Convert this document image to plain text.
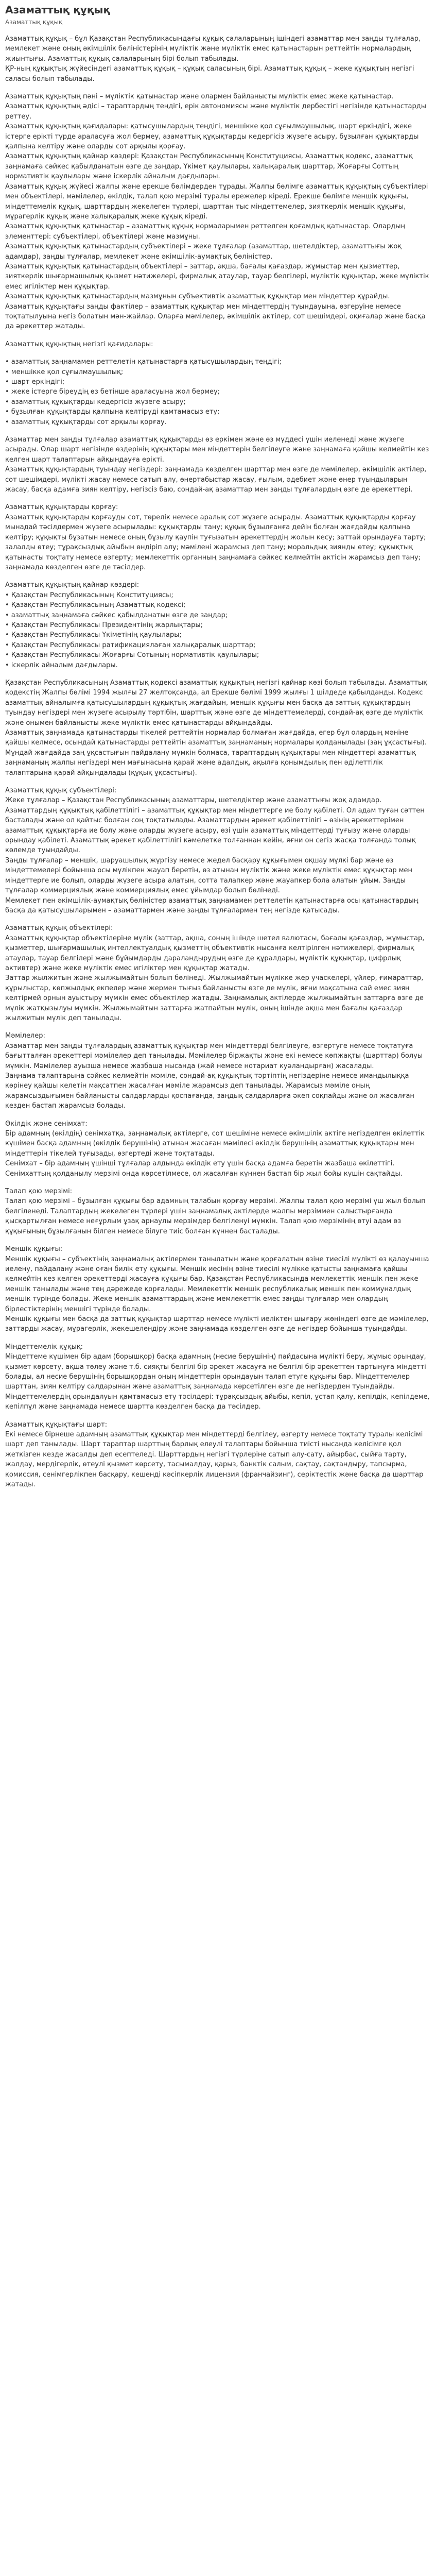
Азаматтық құқық
Азаматтық құқық

Азаматтық құқық – бұл Қазақстан Республикасындағы құқық салаларының ішіндегі азаматтар мен заңды тұлғалар, мемлекет және оның әкімшілік бөліністерінің мүліктік және мүліктік емес қатынастарын реттейтін нормалардың жиынтығы. Азаматтық құқық салаларының бірі болып табылады.
ҚР-ның құқықтық жүйесіндегі азаматтық құқық – құқық саласының бірі. Азаматтық құқық – жеке құқықтың негізгі саласы болып табылады.

Азаматтық құқықтың пәні – мүліктік қатынастар және олармен байланысты мүліктік емес жеке қатынастар.
Азаматтық құқықтың әдісі – тараптардың теңдігі, ерік автономиясы және мүліктік дербестігі негізінде қатынастарды реттеу.
Азаматтық құқықтың қағидалары: қатысушылардың теңдігі, меншікке қол сұғылмаушылық, шарт еркіндігі, жеке істерге ерікті түрде араласуға жол бермеу, азаматтық құқықтарды кедергісіз жүзеге асыру, бұзылған құқықтарды қалпына келтіру және оларды сот арқылы қорғау.
Азаматтық құқықтың қайнар көздері: Қазақстан Республикасының Конституциясы, Азаматтық кодекс, азаматтық заңнамаға сәйкес қабылданатын өзге де заңдар, Үкімет қаулылары, халықаралық шарттар, Жоғарғы Соттың нормативтік қаулылары және іскерлік айналым дағдылары.
Азаматтық құқық жүйесі жалпы және ерекше бөлімдерден тұрады. Жалпы бөлімге азаматтық құқықтың субъектілері мен объектілері, мәмілелер, өкілдік, талап қою мерзімі туралы ережелер кіреді. Ерекше бөлімге меншік құқығы, міндеттемелік құқық, шарттардың жекелеген түрлері, шарттан тыс міндеттемелер, зияткерлік меншік құқығы, мұрагерлік құқық және халықаралық жеке құқық кіреді.
Азаматтық құқықтық қатынастар – азаматтық құқық нормаларымен реттелген қоғамдық қатынастар. Олардың элементтері: субъектілері, объектілері және мазмұны.
Азаматтық құқықтық қатынастардың субъектілері – жеке тұлғалар (азаматтар, шетелдіктер, азаматтығы жоқ адамдар), заңды тұлғалар, мемлекет және әкімшілік-аумақтық бөліністер.
Азаматтық құқықтық қатынастардың объектілері – заттар, ақша, бағалы қағаздар, жұмыстар мен қызметтер, зияткерлік шығармашылық қызмет нәтижелері, фирмалық атаулар, тауар белгілері, мүліктік құқықтар, жеке мүліктік емес игіліктер мен құқықтар.
Азаматтық құқықтық қатынастардың мазмұнын субъективтік азаматтық құқықтар мен міндеттер құрайды.
Азаматтық құқықтағы заңды фактілер – азаматтық құқықтар мен міндеттердің туындауына, өзгеруіне немесе тоқтатылуына негіз болатын мән-жайлар. Оларға мәмілелер, әкімшілік актілер, сот шешімдері, оқиғалар және басқа да әрекеттер жатады.

Азаматтық құқықтың негізгі қағидалары:

• азаматтық заңнамамен реттелетін қатынастарға қатысушылардың теңдігі;
• меншікке қол сұғылмаушылық;
• шарт еркіндігі;
• жеке істерге біреудің өз бетінше араласуына жол бермеу;
• азаматтық құқықтарды кедергісіз жүзеге асыру;
• бұзылған құқықтарды қалпына келтіруді қамтамасыз ету;
• азаматтық құқықтарды сот арқылы қорғау.

Азаматтар мен заңды тұлғалар азаматтық құқықтарды өз еркімен және өз мүддесі үшін иеленеді және жүзеге асырады. Олар шарт негізінде өздерінің құқықтары мен міндеттерін белгілеуге және заңнамаға қайшы келмейтін кез келген шарт талаптарын айқындауға ерікті.
Азаматтық құқықтардың туындау негіздері: заңнамада көзделген шарттар мен өзге де мәмілелер, әкімшілік актілер, сот шешімдері, мүлікті жасау немесе сатып алу, өнертабыстар жасау, ғылым, әдебиет және өнер туындыларын жасау, басқа адамға зиян келтіру, негізсіз баю, сондай-ақ азаматтар мен заңды тұлғалардың өзге де әрекеттері.

Азаматтық құқықтарды қорғау:
Азаматтық құқықтарды қорғауды сот, төрелік немесе аралық сот жүзеге асырады. Азаматтық құқықтарды қорғау мынадай тәсілдермен жүзеге асырылады: құқықтарды тану; құқық бұзылғанға дейін болған жағдайды қалпына келтіру; құқықты бұзатын немесе оның бұзылу қаупін туғызатын әрекеттердің жолын кесу; заттай орындауға тарту; залалды өтеу; тұрақсыздық айыбын өндіріп алу; мәмілені жарамсыз деп тану; моральдық зиянды өтеу; құқықтық қатынасты тоқтату немесе өзгерту; мемлекеттік органның заңнамаға сәйкес келмейтін актісін жарамсыз деп тану; заңнамада көзделген өзге де тәсілдер.

Азаматтық құқықтың қайнар көздері:
• Қазақстан Республикасының Конституциясы;
• Қазақстан Республикасының Азаматтық кодексі;
• азаматтық заңнамаға сәйкес қабылданатын өзге де заңдар;
• Қазақстан Республикасы Президентінің жарлықтары;
• Қазақстан Республикасы Үкіметінің қаулылары;
• Қазақстан Республикасы ратификациялаған халықаралық шарттар;
• Қазақстан Республикасы Жоғарғы Сотының нормативтік қаулылары;
• іскерлік айналым дағдылары.

Қазақстан Республикасының Азаматтық кодексі азаматтық құқықтың негізгі қайнар көзі болып табылады. Азаматтық кодекстің Жалпы бөлімі 1994 жылғы 27 желтоқсанда, ал Ерекше бөлімі 1999 жылғы 1 шілдеде қабылданды. Кодекс азаматтық айналымға қатысушылардың құқықтық жағдайын, меншік құқығы мен басқа да заттық құқықтардың туындау негіздері мен жүзеге асырылу тәртібін, шарттық және өзге де міндеттемелерді, сондай-ақ өзге де мүліктік және онымен байланысты жеке мүліктік емес қатынастарды айқындайды.
Азаматтық заңнамада қатынастарды тікелей реттейтін нормалар болмаған жағдайда, егер бұл олардың мәніне қайшы келмесе, осындай қатынастарды реттейтін азаматтық заңнаманың нормалары қолданылады (заң ұқсастығы). Мұндай жағдайда заң ұқсастығын пайдалану мүмкін болмаса, тараптардың құқықтары мен міндеттері азаматтық заңнаманың жалпы негіздері мен мағынасына қарай және адалдық, ақылға қонымдылық пен әділеттілік талаптарына қарай айқындалады (құқық ұқсастығы).

Азаматтық құқық субъектілері:
Жеке тұлғалар – Қазақстан Республикасының азаматтары, шетелдіктер және азаматтығы жоқ адамдар. Азаматтардың құқықтық қабілеттілігі – азаматтық құқықтар мен міндеттерге ие болу қабілеті. Ол адам туған сәттен басталады және ол қайтыс болған соң тоқтатылады. Азаматтардың әрекет қабілеттілігі – өзінің әрекеттерімен азаматтық құқықтарға ие болу және оларды жүзеге асыру, өзі үшін азаматтық міндеттерді туғызу және оларды орындау қабілеті. Азаматтық әрекет қабілеттілігі кәмелетке толғаннан кейін, яғни он сегіз жасқа толғанда толық көлемде туындайды.
Заңды тұлғалар – меншік, шаруашылық жүргізу немесе жедел басқару құқығымен оқшау мүлкі бар және өз міндеттемелері бойынша осы мүлікпен жауап беретін, өз атынан мүліктік және жеке мүліктік емес құқықтар мен міндеттерге ие болып, оларды жүзеге асыра алатын, сотта талапкер және жауапкер бола алатын ұйым. Заңды тұлғалар коммерциялық және коммерциялық емес ұйымдар болып бөлінеді.
Мемлекет пен әкімшілік-аумақтық бөліністер азаматтық заңнамамен реттелетін қатынастарға осы қатынастардың басқа да қатысушыларымен – азаматтармен және заңды тұлғалармен тең негізде қатысады.

Азаматтық құқық объектілері:
Азаматтық құқықтар объектілеріне мүлік (заттар, ақша, соның ішінде шетел валютасы, бағалы қағаздар, жұмыстар, қызметтер, шығармашылық интеллектуалдық қызметтің объективтік нысанға келтірілген нәтижелері, фирмалық атаулар, тауар белгілері және бұйымдарды дараландырудың өзге де құралдары, мүліктік құқықтар, цифрлық активтер) және жеке мүліктік емес игіліктер мен құқықтар жатады.
Заттар жылжитын және жылжымайтын болып бөлінеді. Жылжымайтын мүлікке жер учаскелері, үйлер, ғимараттар, құрылыстар, көпжылдық екпелер және жермен тығыз байланысты өзге де мүлік, яғни мақсатына сай емес зиян келтірмей орнын ауыстыру мүмкін емес объектілер жатады. Заңнамалық актілерде жылжымайтын заттарға өзге де мүлік жатқызылуы мүмкін. Жылжымайтын заттарға жатпайтын мүлік, оның ішінде ақша мен бағалы қағаздар жылжитын мүлік деп танылады.

Мәмілелер:
Азаматтар мен заңды тұлғалардың азаматтық құқықтар мен міндеттерді белгілеуге, өзгертуге немесе тоқтатуға бағытталған әрекеттері мәмілелер деп танылады. Мәмілелер біржақты және екі немесе көпжақты (шарттар) болуы мүмкін. Мәмілелер ауызша немесе жазбаша нысанда (жай немесе нотариат куәландырған) жасалады.
Заңнама талаптарына сәйкес келмейтін мәміле, сондай-ақ құқықтық тәртіптің негіздеріне немесе имандылыққа көрінеу қайшы келетін мақсатпен жасалған мәміле жарамсыз деп танылады. Жарамсыз мәміле оның жарамсыздығымен байланысты салдарларды қоспағанда, заңдық салдарларға әкеп соқпайды және ол жасалған кезден бастап жарамсыз болады.

Өкілдік және сенімхат:
Бір адамның (өкілдің) сенімхатқа, заңнамалық актілерге, сот шешіміне немесе әкімшілік актіге негізделген өкілеттік күшімен басқа адамның (өкілдік берушінің) атынан жасаған мәмілесі өкілдік берушінің азаматтық құқықтары мен міндеттерін тікелей туғызады, өзгертеді және тоқтатады.
Сенімхат – бір адамның үшінші тұлғалар алдында өкілдік ету үшін басқа адамға беретін жазбаша өкілеттігі. Сенімхаттың қолданылу мерзімі онда көрсетілмесе, ол жасалған күннен бастап бір жыл бойы күшін сақтайды.

Талап қою мерзімі:
Талап қою мерзімі – бұзылған құқығы бар адамның талабын қорғау мерзімі. Жалпы талап қою мерзімі үш жыл болып белгіленеді. Талаптардың жекелеген түрлері үшін заңнамалық актілерде жалпы мерзіммен салыстырғанда қысқартылған немесе неғұрлым ұзақ арнаулы мерзімдер белгіленуі мүмкін. Талап қою мерзімінің өтуі адам өз құқығының бұзылғанын білген немесе білуге тиіс болған күннен басталады.

Меншік құқығы:
Меншік құқығы – субъектінің заңнамалық актілермен танылатын және қорғалатын өзіне тиесілі мүлікті өз қалауынша иелену, пайдалану және оған билік ету құқығы. Меншік иесінің өзіне тиесілі мүлікке қатысты заңнамаға қайшы келмейтін кез келген әрекеттерді жасауға құқығы бар. Қазақстан Республикасында мемлекеттік меншік пен жеке меншік танылады және тең дәрежеде қорғалады. Мемлекеттік меншік республикалық меншік пен коммуналдық меншік түрінде болады. Жеке меншік азаматтардың және мемлекеттік емес заңды тұлғалар мен олардың бірлестіктерінің меншігі түрінде болады.
Меншік құқығы мен басқа да заттық құқықтар шарттар немесе мүлікті иеліктен шығару жөніндегі өзге де мәмілелер, заттарды жасау, мұрагерлік, жекешелендіру және заңнамада көзделген өзге де негіздер бойынша туындайды.

Міндеттемелік құқық:
Міндеттеме күшімен бір адам (борышқор) басқа адамның (несие берушінің) пайдасына мүлікті беру, жұмыс орындау, қызмет көрсету, ақша төлеу және т.б. сияқты белгілі бір әрекет жасауға не белгілі бір әрекеттен тартынуға міндетті болады, ал несие берушінің борышқордан оның міндеттерін орындауын талап етуге құқығы бар. Міндеттемелер шарттан, зиян келтіру салдарынан және азаматтық заңнамада көрсетілген өзге де негіздерден туындайды.
Міндеттемелердің орындалуын қамтамасыз ету тәсілдері: тұрақсыздық айыбы, кепіл, ұстап қалу, кепілдік, кепілдеме, кепілпұл және заңнамада немесе шартта көзделген басқа да тәсілдер.

Азаматтық құқықтағы шарт:
Екі немесе бірнеше адамның азаматтық құқықтар мен міндеттерді белгілеу, өзгерту немесе тоқтату туралы келісімі шарт деп танылады. Шарт тараптар шарттың барлық елеулі талаптары бойынша тиісті нысанда келісімге қол жеткізген кезде жасалды деп есептеледі. Шарттардың негізгі түрлеріне сатып алу-сату, айырбас, сыйға тарту, жалдау, мердігерлік, өтеулі қызмет көрсету, тасымалдау, қарыз, банктік салым, сақтау, сақтандыру, тапсырма, комиссия, сенімгерлікпен басқару, кешенді кәсіпкерлік лицензия (франчайзинг), серіктестік және басқа да шарттар жатады.
